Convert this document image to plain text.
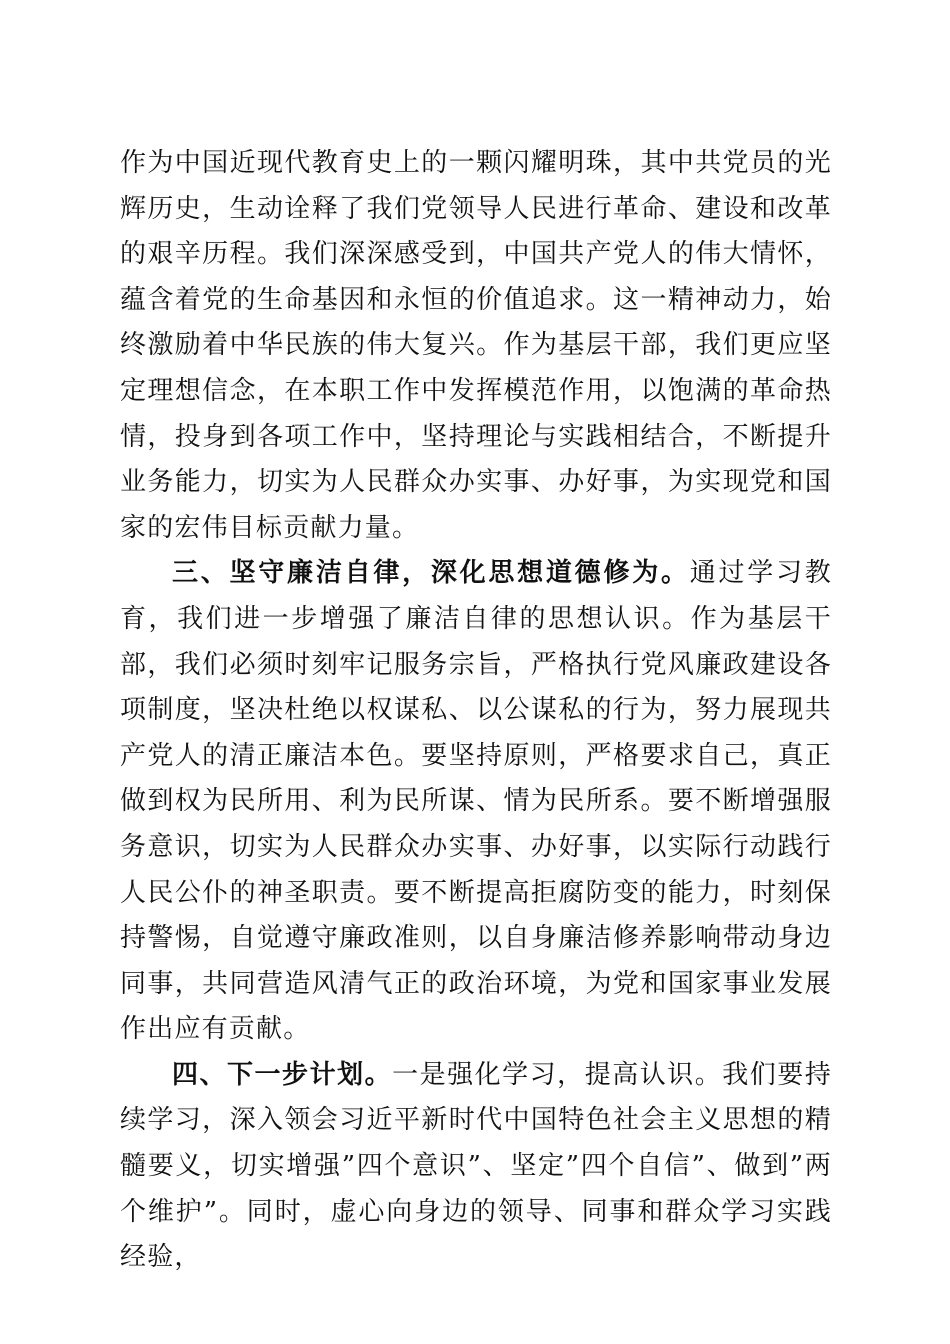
作为中国近现代教育史上的一颗闪耀明珠，其中共党员的光辉历史，生动诠释了我们党领导人民进行革命、建设和改革的艰辛历程。我们深深感受到，中国共产党人的伟大情怀，蕴含着党的生命基因和永恒的价值追求。这一精神动力，始终激励着中华民族的伟大复兴。作为基层干部，我们更应坚定理想信念，在本职工作中发挥模范作用，以饱满的革命热情，投身到各项工作中，坚持理论与实践相结合，不断提升业务能力，切实为人民群众办实事、办好事，为实现党和国家的宏伟目标贡献力量。

三、坚守廉洁自律，深化思想道德修为。通过学习教育，我们进一步增强了廉洁自律的思想认识。作为基层干部，我们必须时刻牢记服务宗旨，严格执行党风廉政建设各项制度，坚决杜绝以权谋私、以公谋私的行为，努力展现共产党人的清正廉洁本色。要坚持原则，严格要求自己，真正做到权为民所用、利为民所谋、情为民所系。要不断增强服务意识，切实为人民群众办实事、办好事，以实际行动践行人民公仆的神圣职责。要不断提高拒腐防变的能力，时刻保持警惕，自觉遵守廉政准则，以自身廉洁修养影响带动身边同事，共同营造风清气正的政治环境，为党和国家事业发展作出应有贡献。

四、下一步计划。一是强化学习，提高认识。我们要持续学习，深入领会习近平新时代中国特色社会主义思想的精髓要义，切实增强”四个意识”、坚定”四个自信”、做到”两个维护”。同时，虚心向身边的领导、同事和群众学习实践经验，
